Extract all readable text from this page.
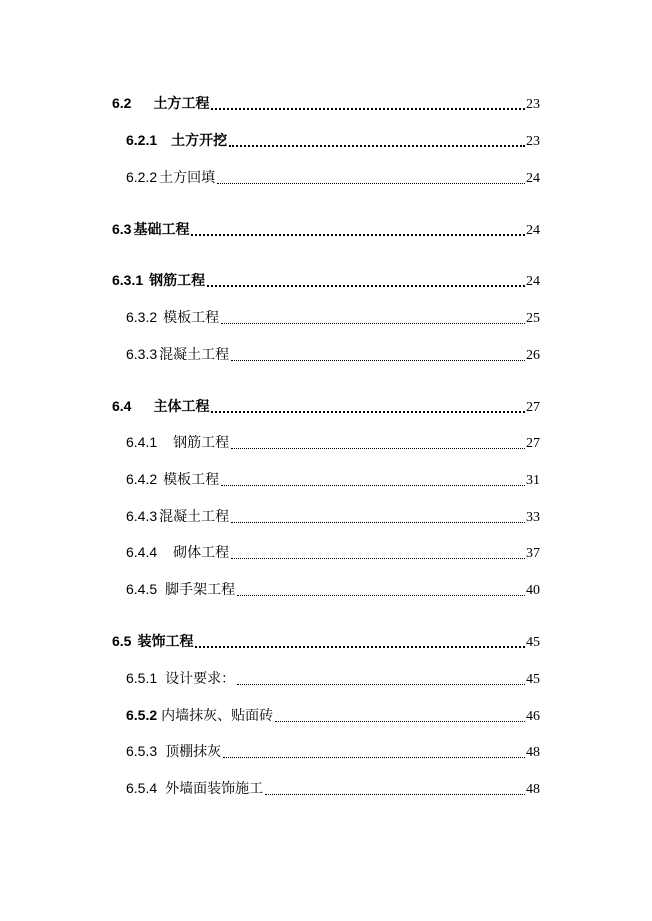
6.2 土方工程	23
6.2.1 土方开挖	23
6.2.2 土方回填	24
6.3 基础工程	24
6.3.1 钢筋工程	24
6.3.2 模板工程	25
6.3.3 混凝土工程	26
6.4 主体工程	27
6.4.1 钢筋工程	27
6.4.2 模板工程	31
6.4.3 混凝土工程	33
6.4.4 砌体工程	37
6.4.5 脚手架工程	40
6.5 装饰工程	45
6.5.1 设计要求：	45
6.5.2 内墙抹灰、贴面砖	46
6.5.3 顶棚抹灰	48
6.5.4 外墙面装饰施工	48
